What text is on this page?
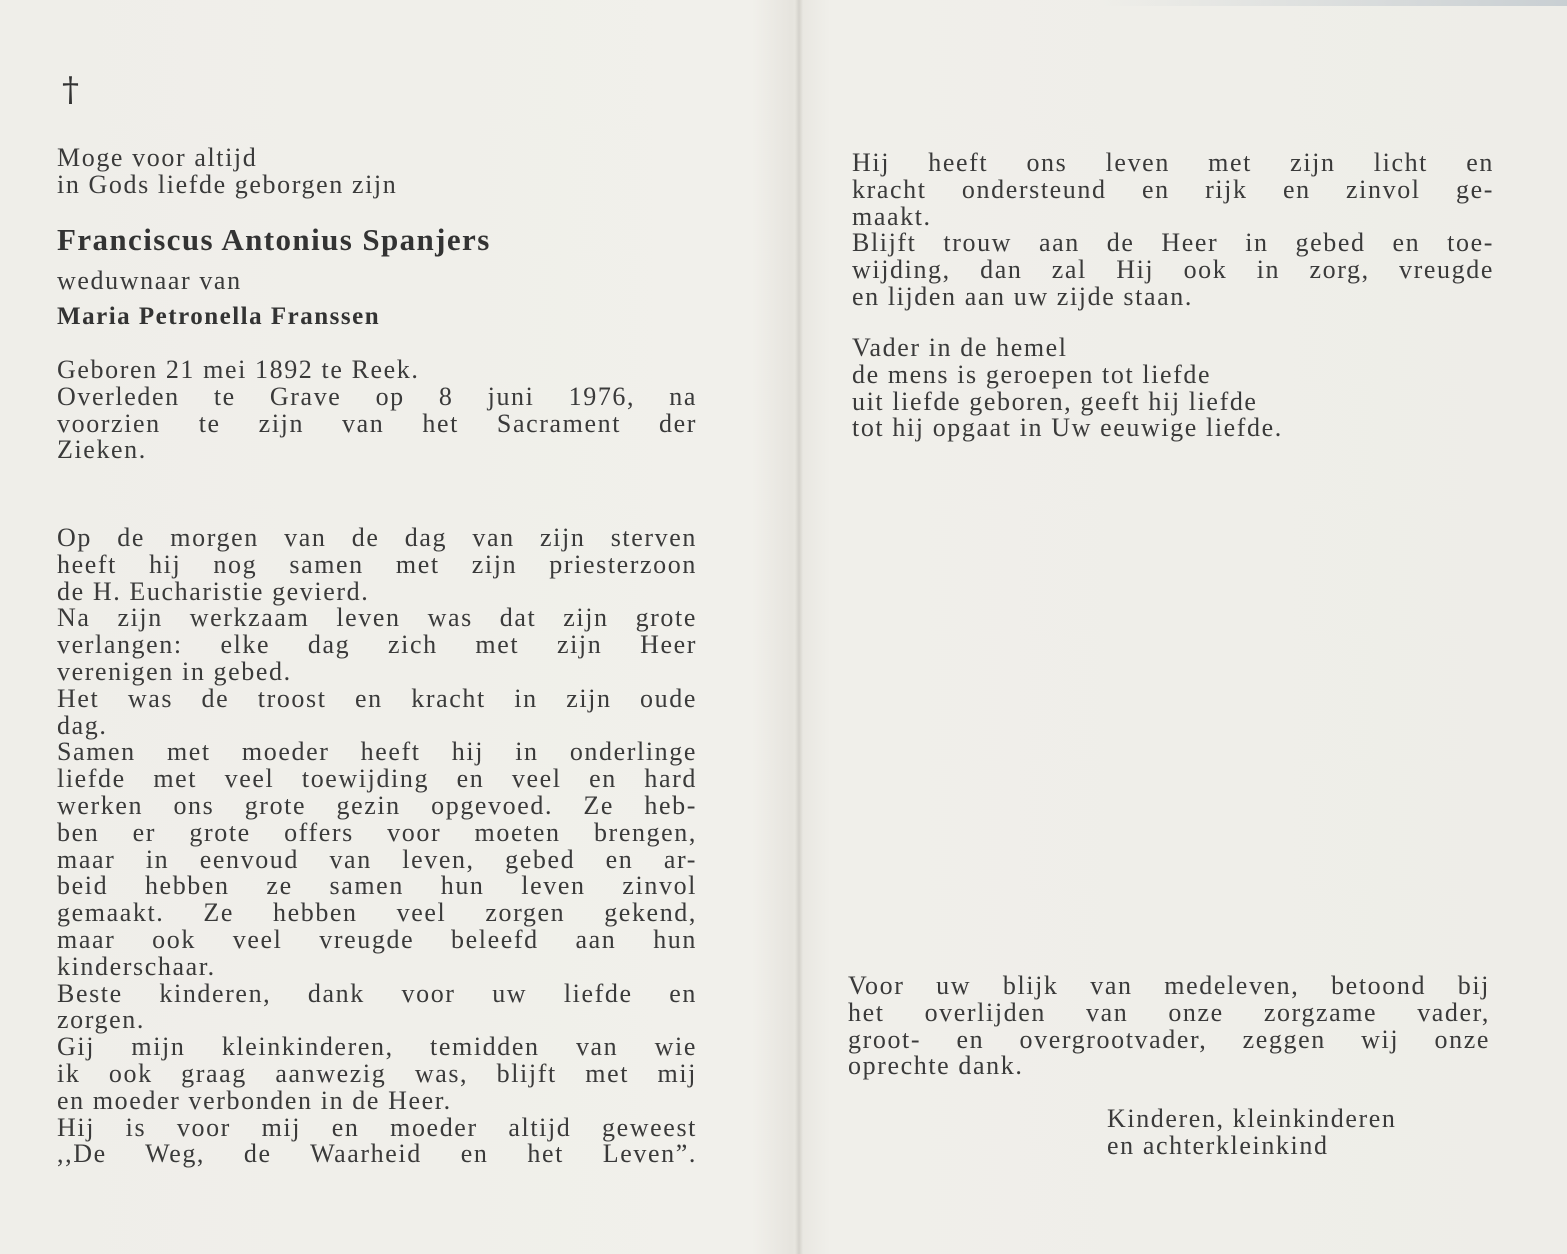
†
Moge voor altijd
in Gods liefde geborgen zijn
Franciscus Antonius Spanjers
weduwnaar van
Maria Petronella Franssen
Geboren 21 mei 1892 te Reek.
Overleden te Grave op 8 juni 1976, na
voorzien te zijn van het Sacrament der
Zieken.
Op de morgen van de dag van zijn sterven
heeft hij nog samen met zijn priesterzoon
de H. Eucharistie gevierd.
Na zijn werkzaam leven was dat zijn grote
verlangen: elke dag zich met zijn Heer
verenigen in gebed.
Het was de troost en kracht in zijn oude
dag.
Samen met moeder heeft hij in onderlinge
liefde met veel toewijding en veel en hard
werken ons grote gezin opgevoed. Ze heb-
ben er grote offers voor moeten brengen,
maar in eenvoud van leven, gebed en ar-
beid hebben ze samen hun leven zinvol
gemaakt. Ze hebben veel zorgen gekend,
maar ook veel vreugde beleefd aan hun
kinderschaar.
Beste kinderen, dank voor uw liefde en
zorgen.
Gij mijn kleinkinderen, temidden van wie
ik ook graag aanwezig was, blijft met mij
en moeder verbonden in de Heer.
Hij is voor mij en moeder altijd geweest
,,De Weg, de Waarheid en het Leven”.
Hij heeft ons leven met zijn licht en
kracht ondersteund en rijk en zinvol ge-
maakt.
Blijft trouw aan de Heer in gebed en toe-
wijding, dan zal Hij ook in zorg, vreugde
en lijden aan uw zijde staan.
Vader in de hemel
de mens is geroepen tot liefde
uit liefde geboren, geeft hij liefde
tot hij opgaat in Uw eeuwige liefde.
Voor uw blijk van medeleven, betoond bij
het overlijden van onze zorgzame vader,
groot- en overgrootvader, zeggen wij onze
oprechte dank.
Kinderen, kleinkinderen
en achterkleinkind
